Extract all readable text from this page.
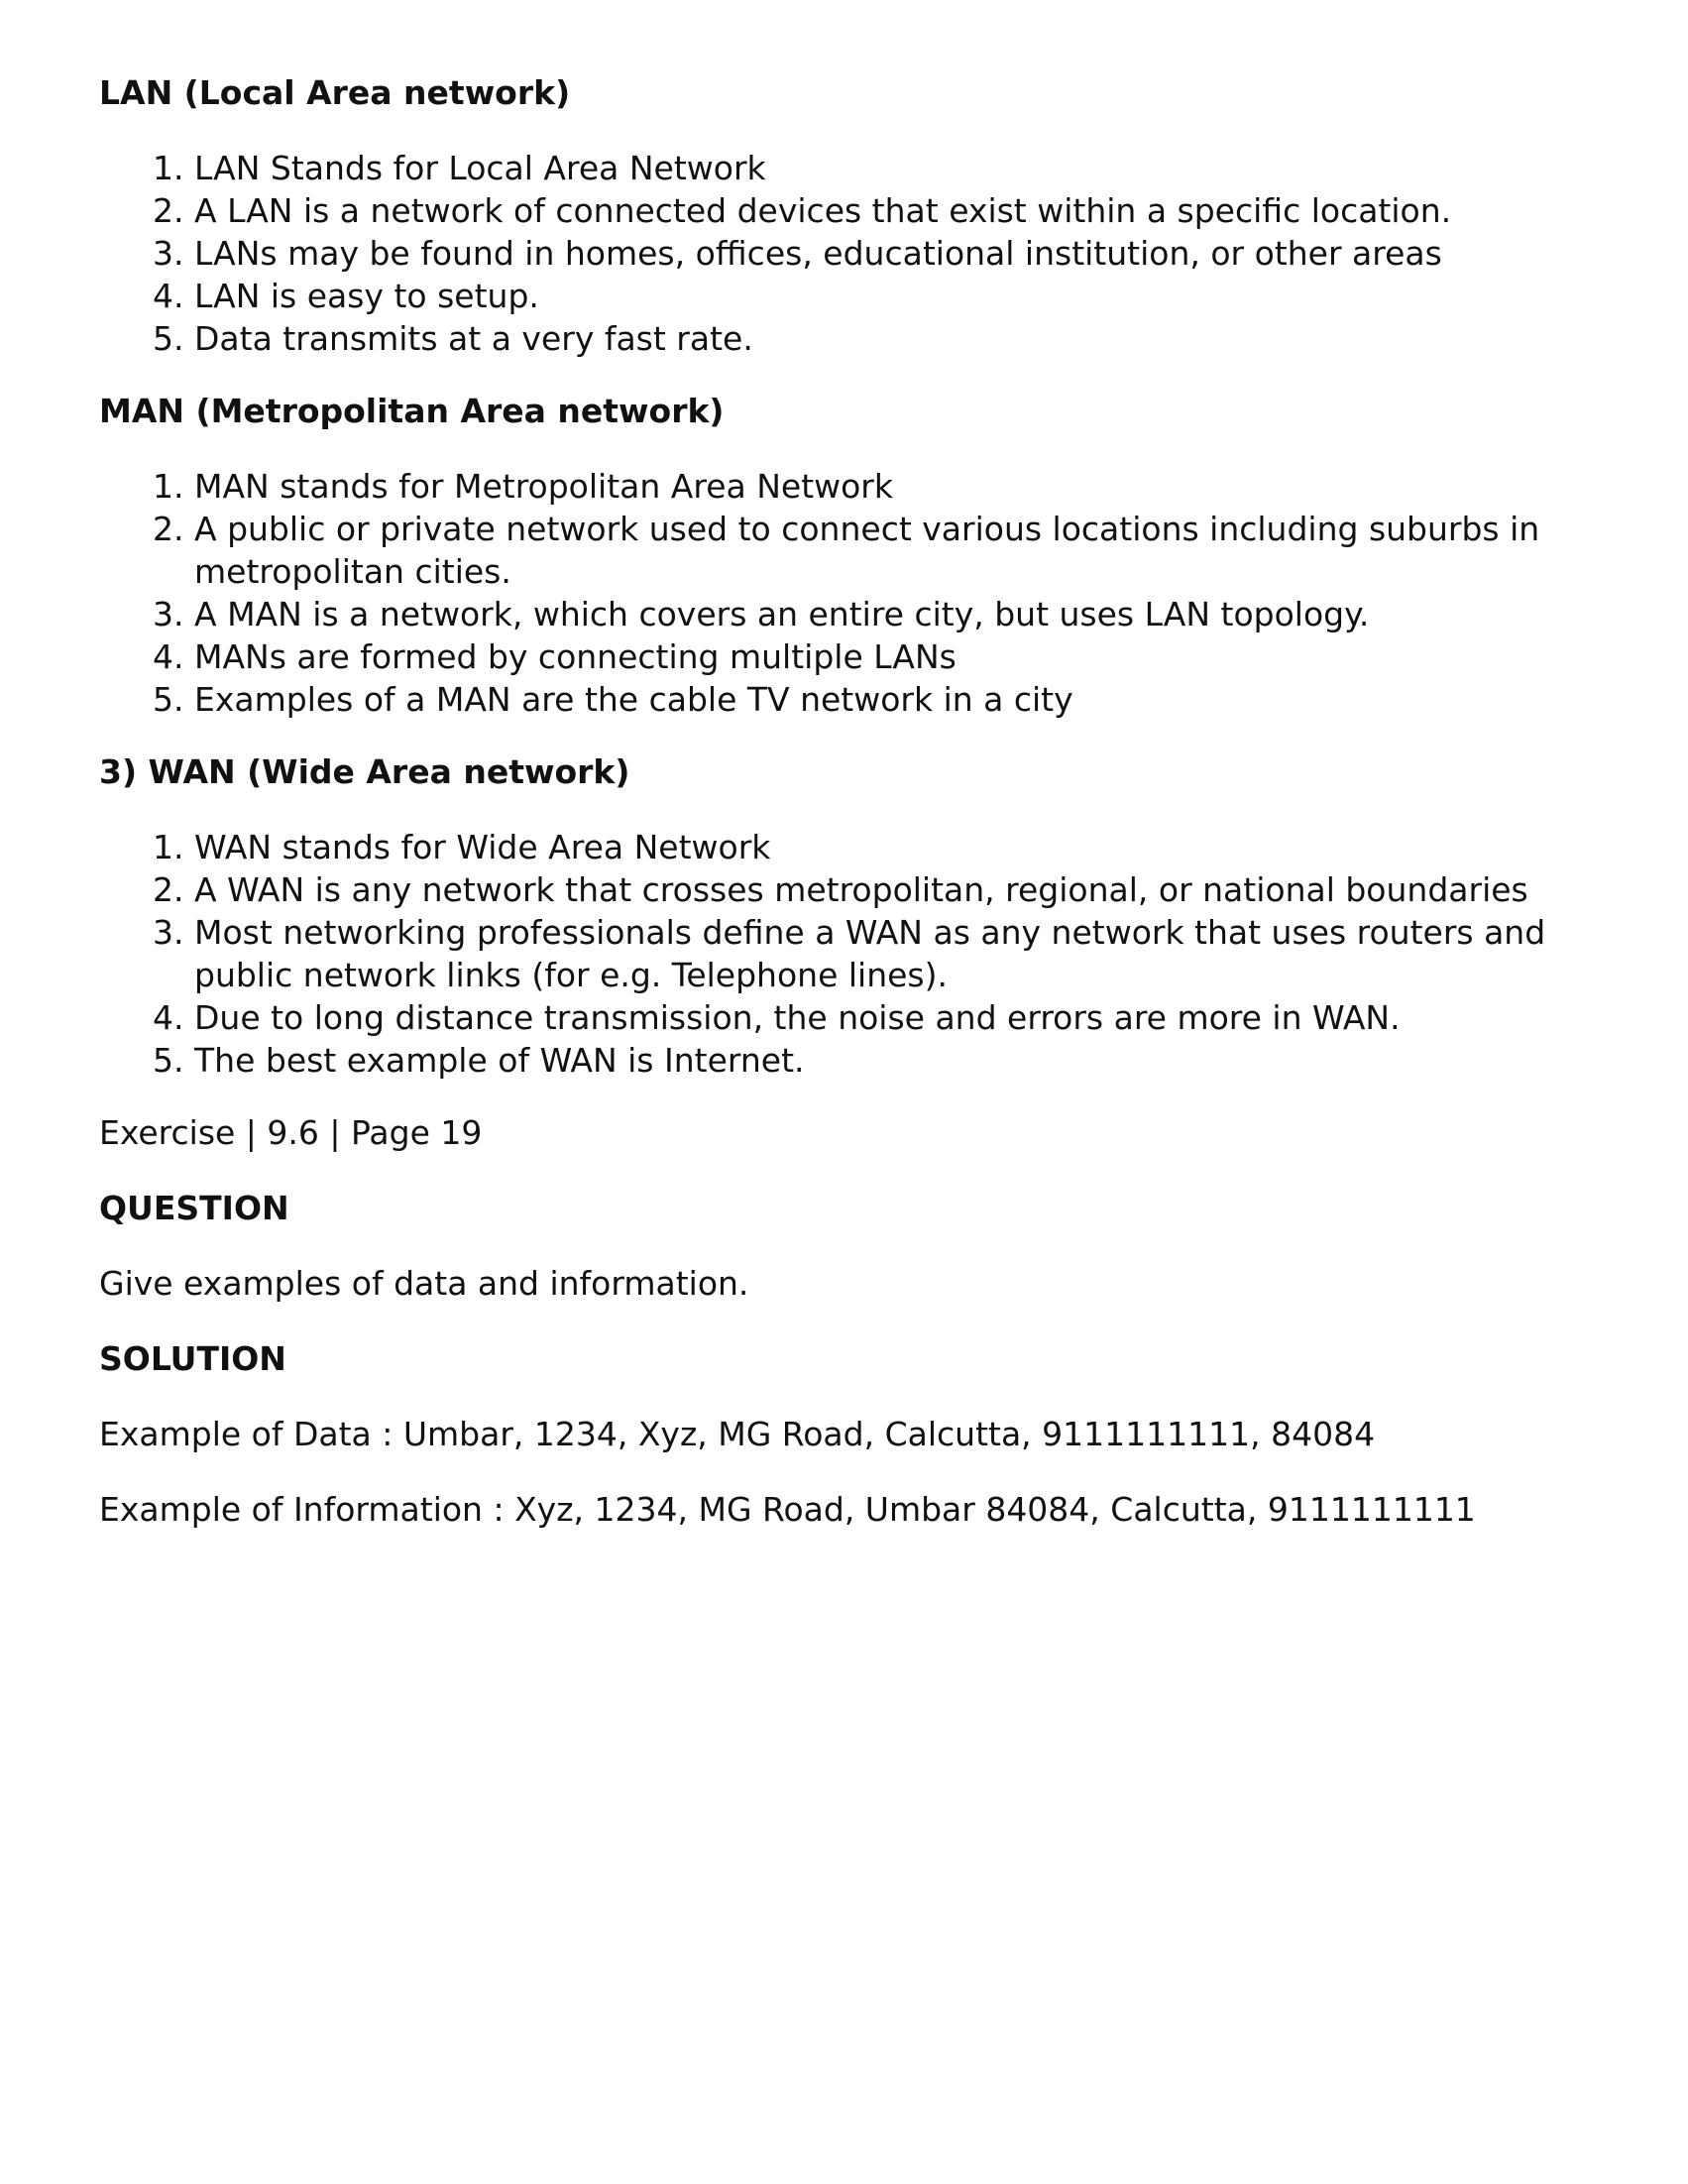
LAN (Local Area network)
1. LAN Stands for Local Area Network
2. A LAN is a network of connected devices that exist within a specific location.
3. LANs may be found in homes, offices, educational institution, or other areas
4. LAN is easy to setup.
5. Data transmits at a very fast rate.
MAN (Metropolitan Area network)
1. MAN stands for Metropolitan Area Network
2. A public or private network used to connect various locations including suburbs in metropolitan cities.
3. A MAN is a network, which covers an entire city, but uses LAN topology.
4. MANs are formed by connecting multiple LANs
5. Examples of a MAN are the cable TV network in a city
3) WAN (Wide Area network)
1. WAN stands for Wide Area Network
2. A WAN is any network that crosses metropolitan, regional, or national boundaries
3. Most networking professionals define a WAN as any network that uses routers and public network links (for e.g. Telephone lines).
4. Due to long distance transmission, the noise and errors are more in WAN.
5. The best example of WAN is Internet.
Exercise | 9.6 | Page 19
QUESTION
Give examples of data and information.
SOLUTION
Example of Data : Umbar, 1234, Xyz, MG Road, Calcutta, 9111111111, 84084
Example of Information : Xyz, 1234, MG Road, Umbar 84084, Calcutta, 9111111111
